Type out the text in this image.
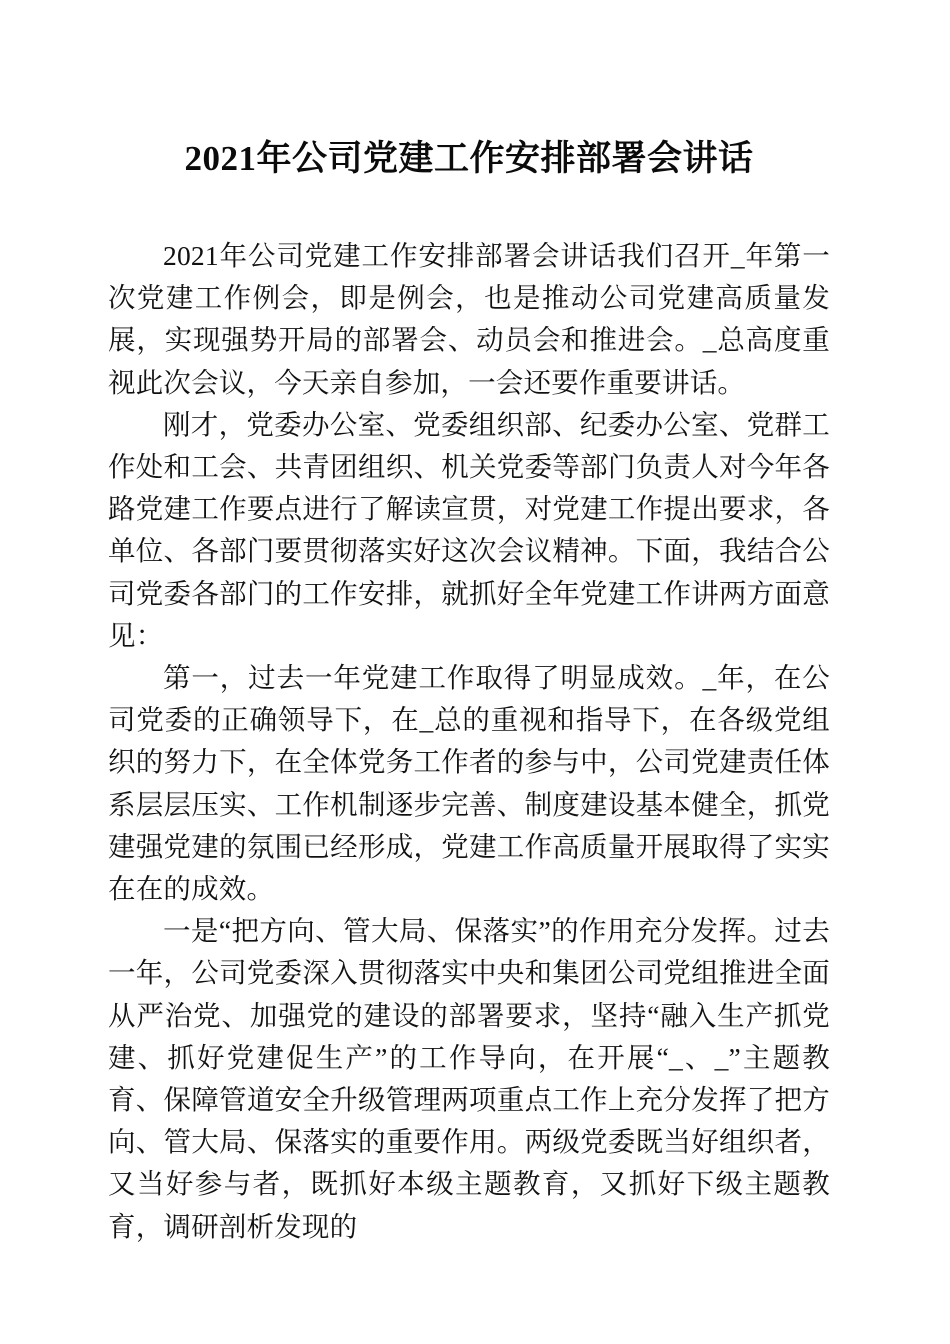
2021年公司党建工作安排部署会讲话

2021年公司党建工作安排部署会讲话我们召开_年第一次党建工作例会，即是例会，也是推动公司党建高质量发展，实现强势开局的部署会、动员会和推进会。_总高度重视此次会议，今天亲自参加，一会还要作重要讲话。

刚才，党委办公室、党委组织部、纪委办公室、党群工作处和工会、共青团组织、机关党委等部门负责人对今年各路党建工作要点进行了解读宣贯，对党建工作提出要求，各单位、各部门要贯彻落实好这次会议精神。下面，我结合公司党委各部门的工作安排，就抓好全年党建工作讲两方面意见：

第一，过去一年党建工作取得了明显成效。_年，在公司党委的正确领导下，在_总的重视和指导下，在各级党组织的努力下，在全体党务工作者的参与中，公司党建责任体系层层压实、工作机制逐步完善、制度建设基本健全，抓党建强党建的氛围已经形成，党建工作高质量开展取得了实实在在的成效。

一是“把方向、管大局、保落实”的作用充分发挥。过去一年，公司党委深入贯彻落实中央和集团公司党组推进全面从严治党、加强党的建设的部署要求，坚持“融入生产抓党建、抓好党建促生产”的工作导向，在开展“_、_”主题教育、保障管道安全升级管理两项重点工作上充分发挥了把方向、管大局、保落实的重要作用。两级党委既当好组织者，又当好参与者，既抓好本级主题教育，又抓好下级主题教育，调研剖析发现的
